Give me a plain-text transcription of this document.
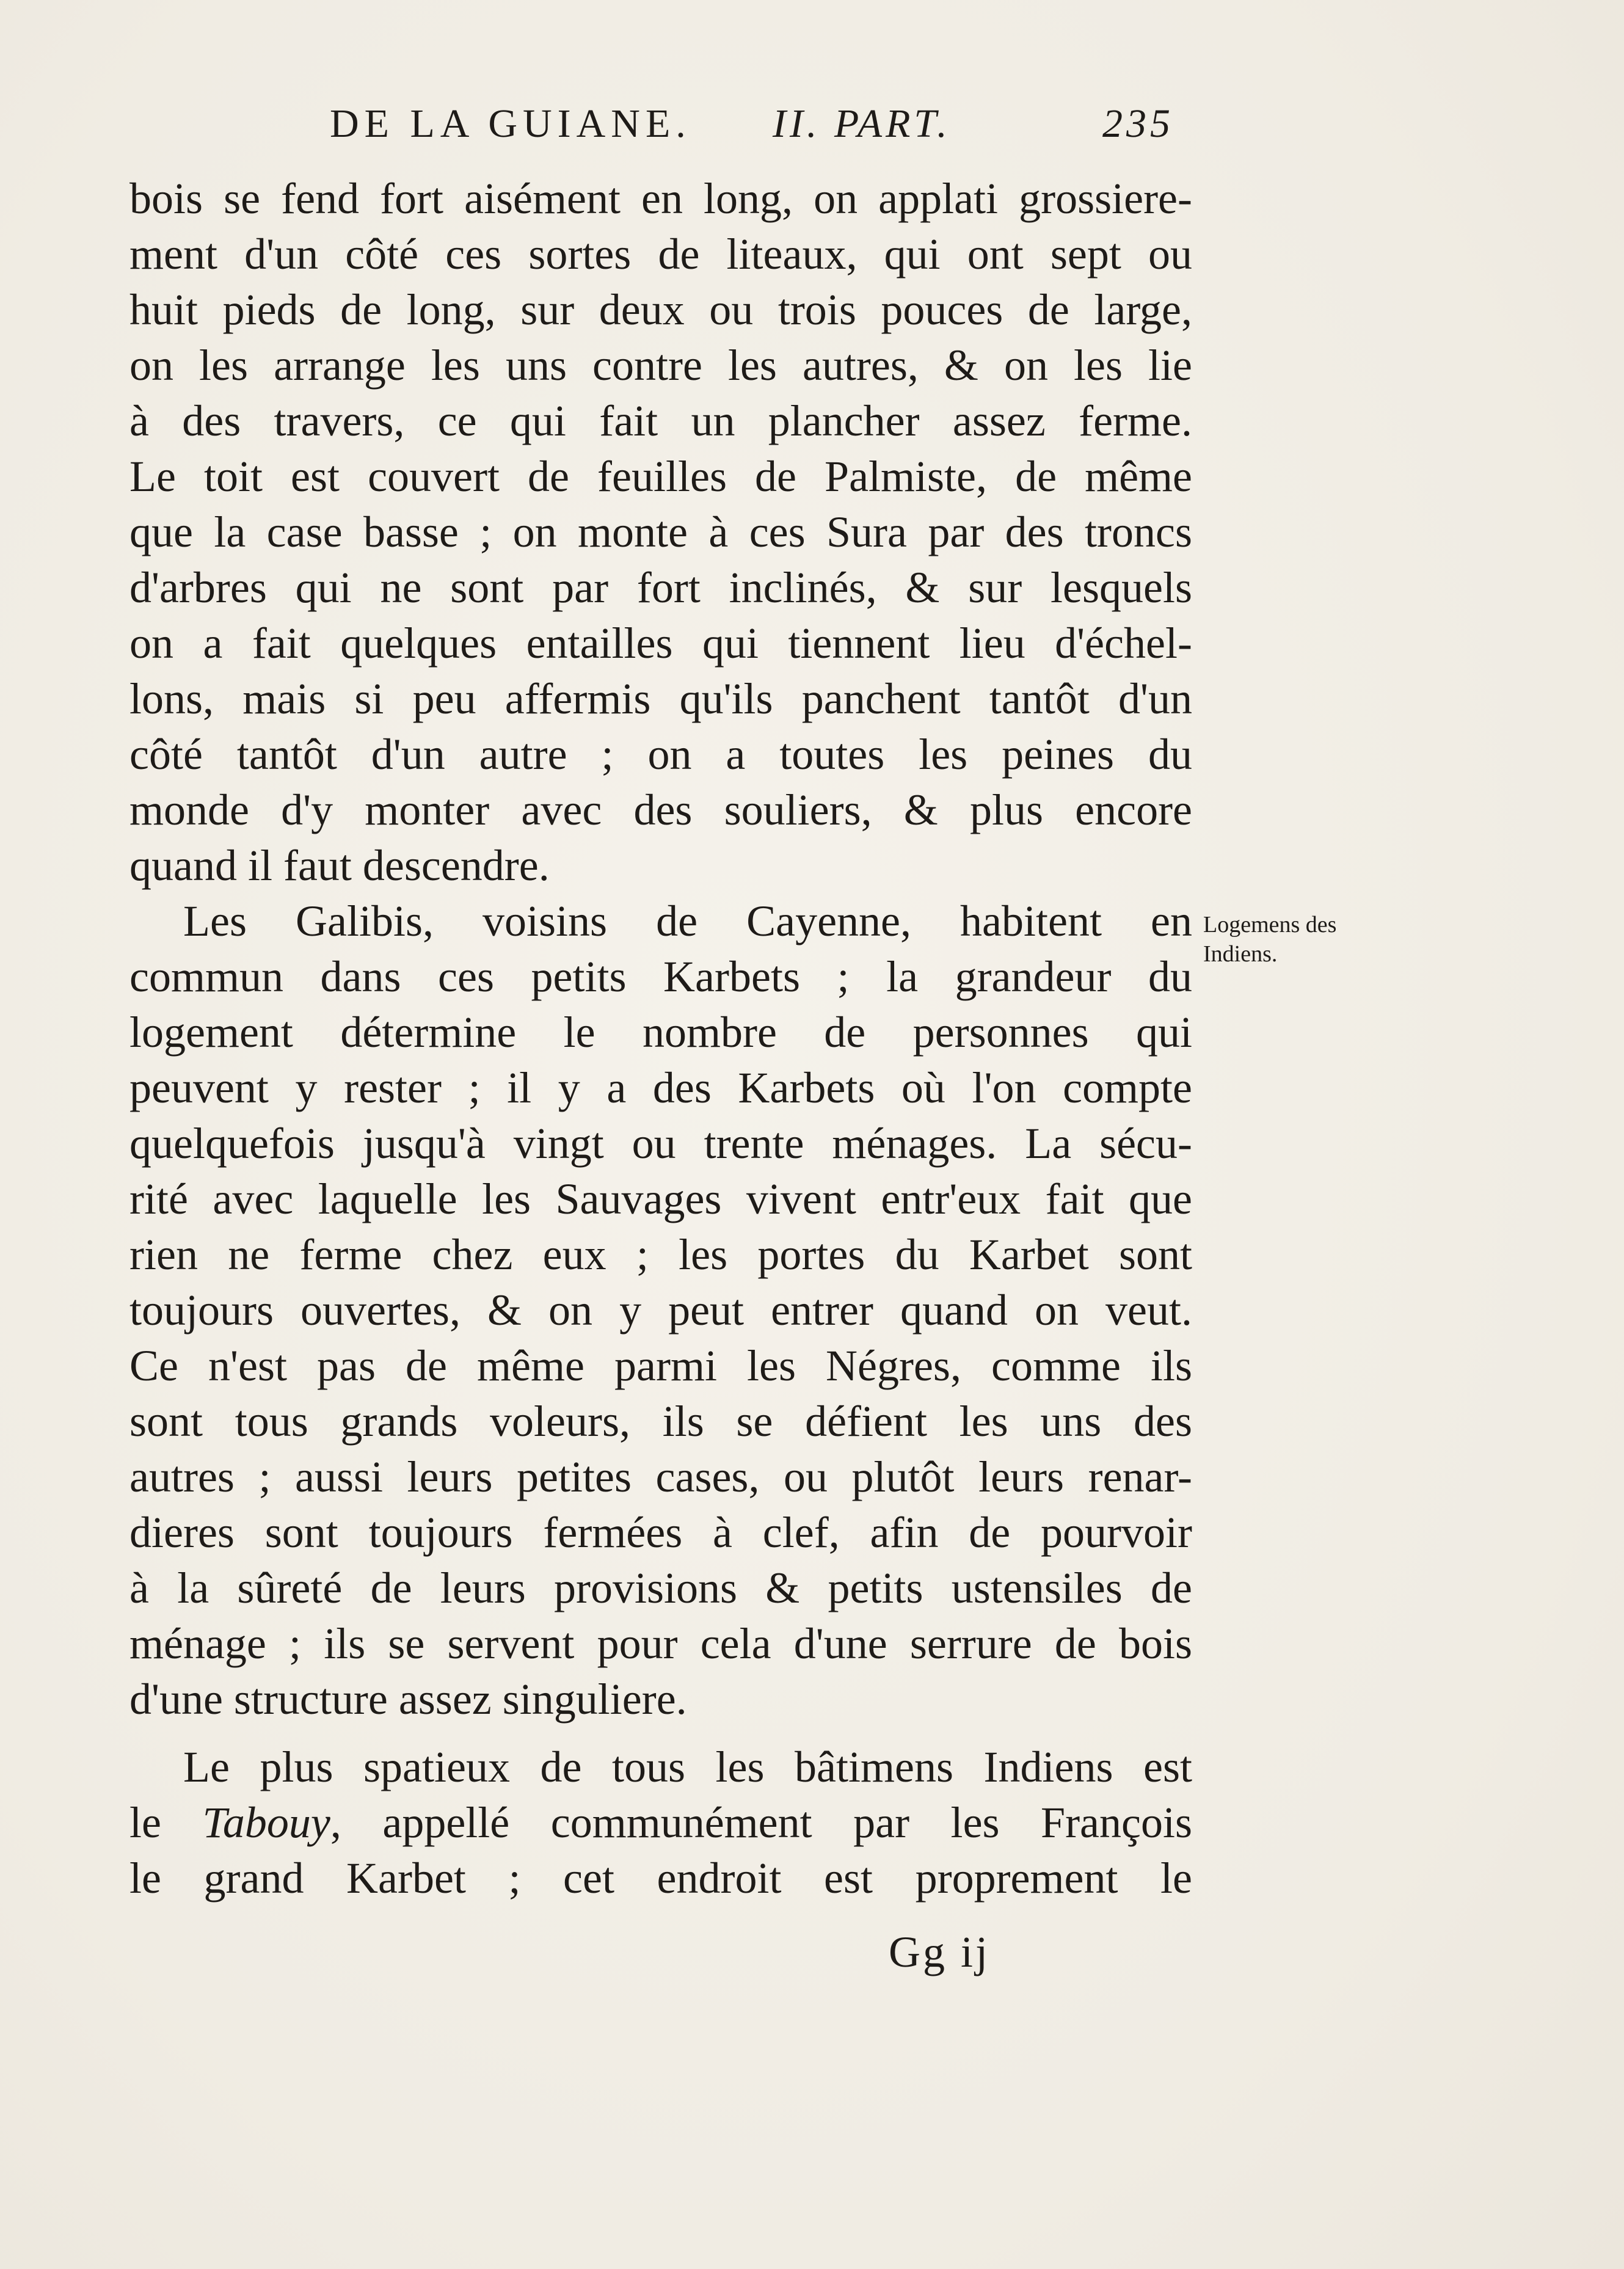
DE LA GUIANE. II. PART.	235
bois se fend fort aisément en long, on applati grossiere-
ment d'un côté ces sortes de liteaux, qui ont sept ou
huit pieds de long, sur deux ou trois pouces de large,
on les arrange les uns contre les autres, & on les lie
à des travers, ce qui fait un plancher assez ferme.
Le toit est couvert de feuilles de Palmiste, de même
que la case basse ; on monte à ces Sura par des troncs
d'arbres qui ne sont par fort inclinés, & sur lesquels
on a fait quelques entailles qui tiennent lieu d'échel-
lons, mais si peu affermis qu'ils panchent tantôt d'un
côté tantôt d'un autre ; on a toutes les peines du
monde d'y monter avec des souliers, & plus encore
quand il faut descendre.
Les Galibis, voisins de Cayenne, habitent en
commun dans ces petits Karbets ; la grandeur du
logement détermine le nombre de personnes qui
peuvent y rester ; il y a des Karbets où l'on compte
quelquefois jusqu'à vingt ou trente ménages. La sécu-
rité avec laquelle les Sauvages vivent entr'eux fait que
rien ne ferme chez eux ; les portes du Karbet sont
toujours ouvertes, & on y peut entrer quand on veut.
Ce n'est pas de même parmi les Négres, comme ils
sont tous grands voleurs, ils se défient les uns des
autres ; aussi leurs petites cases, ou plutôt leurs renar-
dieres sont toujours fermées à clef, afin de pourvoir
à la sûreté de leurs provisions & petits ustensiles de
ménage ; ils se servent pour cela d'une serrure de bois
d'une structure assez singuliere.
Le plus spatieux de tous les bâtimens Indiens est
le Tabouy, appellé communément par les François
le grand Karbet ; cet endroit est proprement le
Logemens des
Indiens.
Gg ij
